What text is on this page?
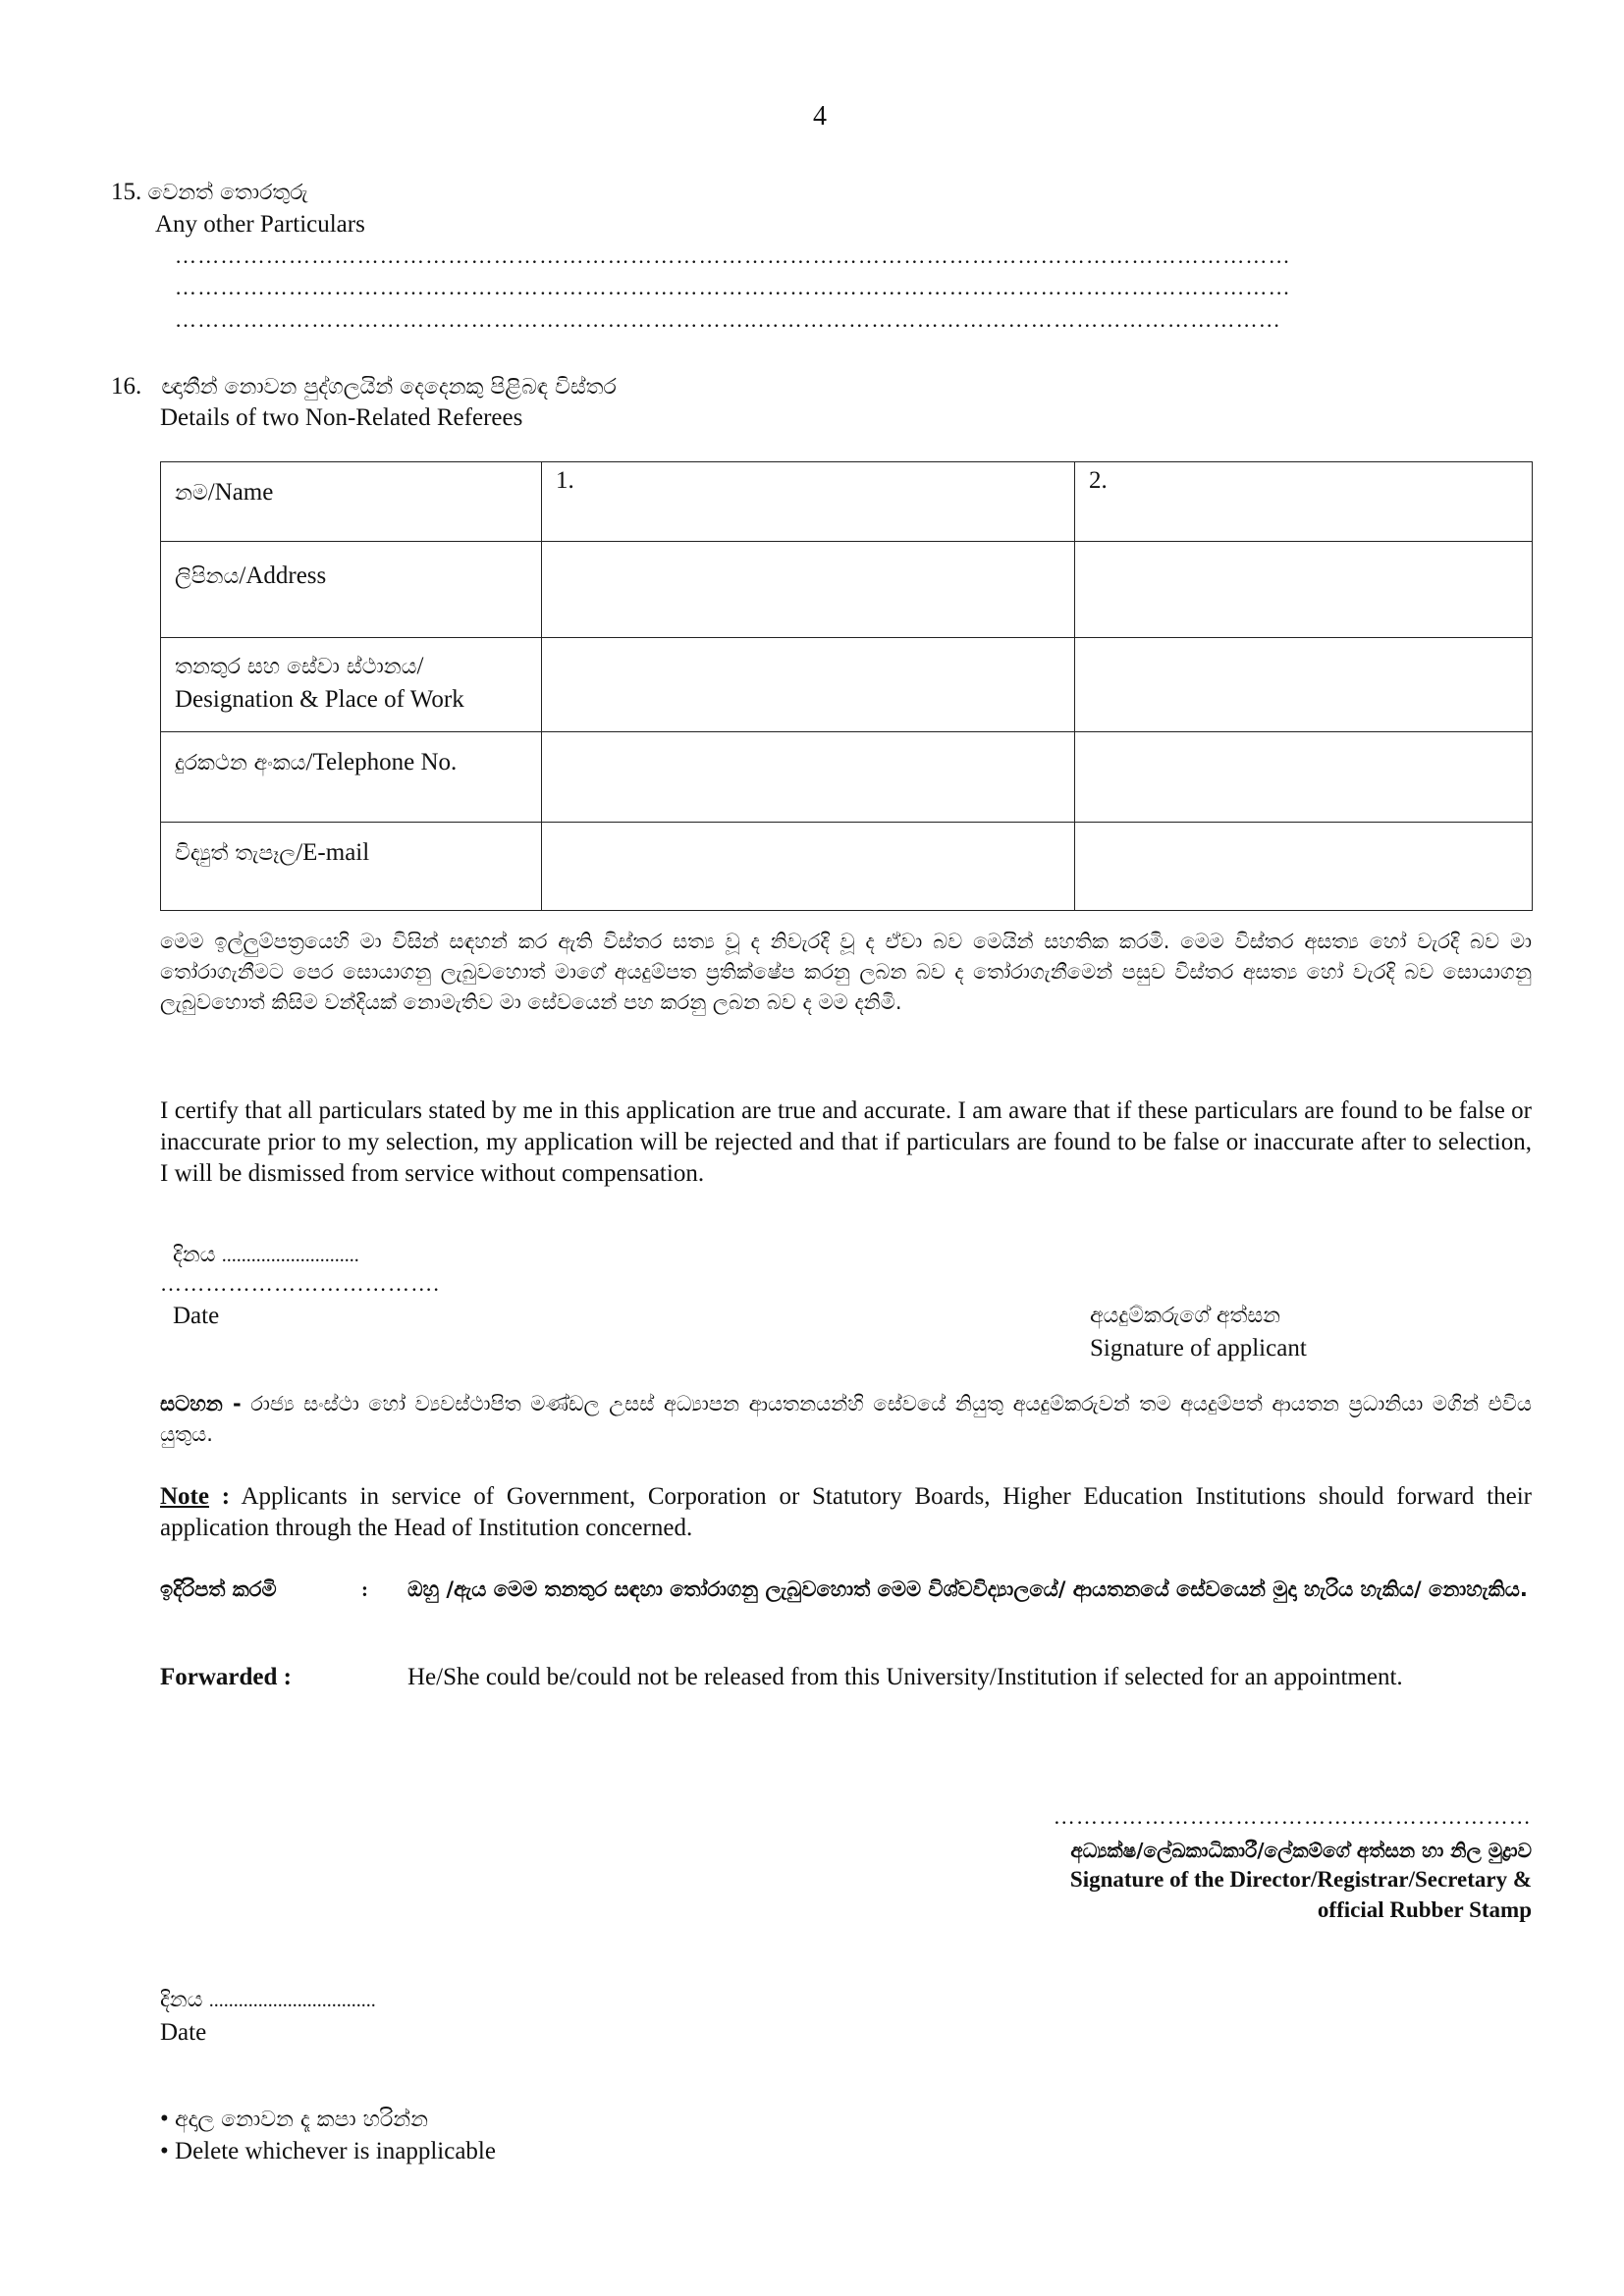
4
15. වෙනත් තොරතුරු
Any other Particulars
…………………………………………………………………………………………………………………………………
…………………………………………………………………………………………………………………………………
…………………………………………………………………..……………………………………………………………
16. ඥාතීන් නොවන පුද්ගලයින් දෙදෙනකු පිළිබඳ විස්තර
Details of two Non-Related Referees
නම/Name	1.	2.
ලිපිනය/Address		
තනතුර සහ සේවා ස්ථානය/
Designation & Place of Work		
දුරකථන අංකය/Telephone No.		
විද්‍යුත් තැපෑල/E-mail		
මෙම ඉල්ලුම්පත්‍රයෙහි මා විසින් සඳහන් කර ඇති විස්තර සත්‍ය වූ ද නිවැරදි වූ ද ඒවා බව මෙයින් සහතික කරමි. මෙම විස්තර අසත්‍ය හෝ වැරදි බව මා තෝරාගැනීමට පෙර සොයාගනු ලැබුවහොත් මාගේ අයදුම්පත ප්‍රතික්ෂේප කරනු ලබන බව ද තෝරාගැනීමෙන් පසුව විස්තර අසත්‍ය හෝ වැරදි බව සොයාගනු ලැබුවහොත් කිසිම වන්දියක් නොමැතිව මා සේවයෙන් පහ කරනු ලබන බව ද මම දනිමි.
I certify that all particulars stated by me in this application are true and accurate. I am aware that if these particulars are found to be false or inaccurate prior to my selection, my application will be rejected and that if particulars are found to be false or inaccurate after to selection, I will be dismissed from service without compensation.
දිනය ............................
……………………………….
Date	අයදුම්කරුගේ අත්සන
Signature of applicant
සටහන - රාජ්‍ය සංස්ථා හෝ ව්‍යවස්ථාපිත මණ්ඩල උසස් අධ්‍යාපන ආයතනයන්හි සේවයේ නියුතු අයදුම්කරුවන් තම අයදුම්පත් ආයතන ප්‍රධානියා මගින් එවිය යුතුය.
Note : Applicants in service of Government, Corporation or Statutory Boards, Higher Education Institutions should forward their application through the Head of Institution concerned.
ඉදිරිපත් කරමි	: ඔහු /ඇය මෙම තනතුර සඳහා තෝරාගනු ලැබුවහොත් මෙම විශ්වවිද්‍යාලයේ/ ආයතනයේ සේවයෙන් මුදා හැරිය හැකිය/ නොහැකිය.
Forwarded :	He/She could be/could not be released from this University/Institution if selected for an appointment.
………………………………………………………
අධ්‍යක්ෂ/ලේඛකාධිකාරී/ලේකම්ගේ අත්සන හා නිල මුද්‍රාව
Signature of the Director/Registrar/Secretary &
official Rubber Stamp
දිනය ..................................
Date
• අදාල නොවන දෑ කපා හරින්න
• Delete whichever is inapplicable
